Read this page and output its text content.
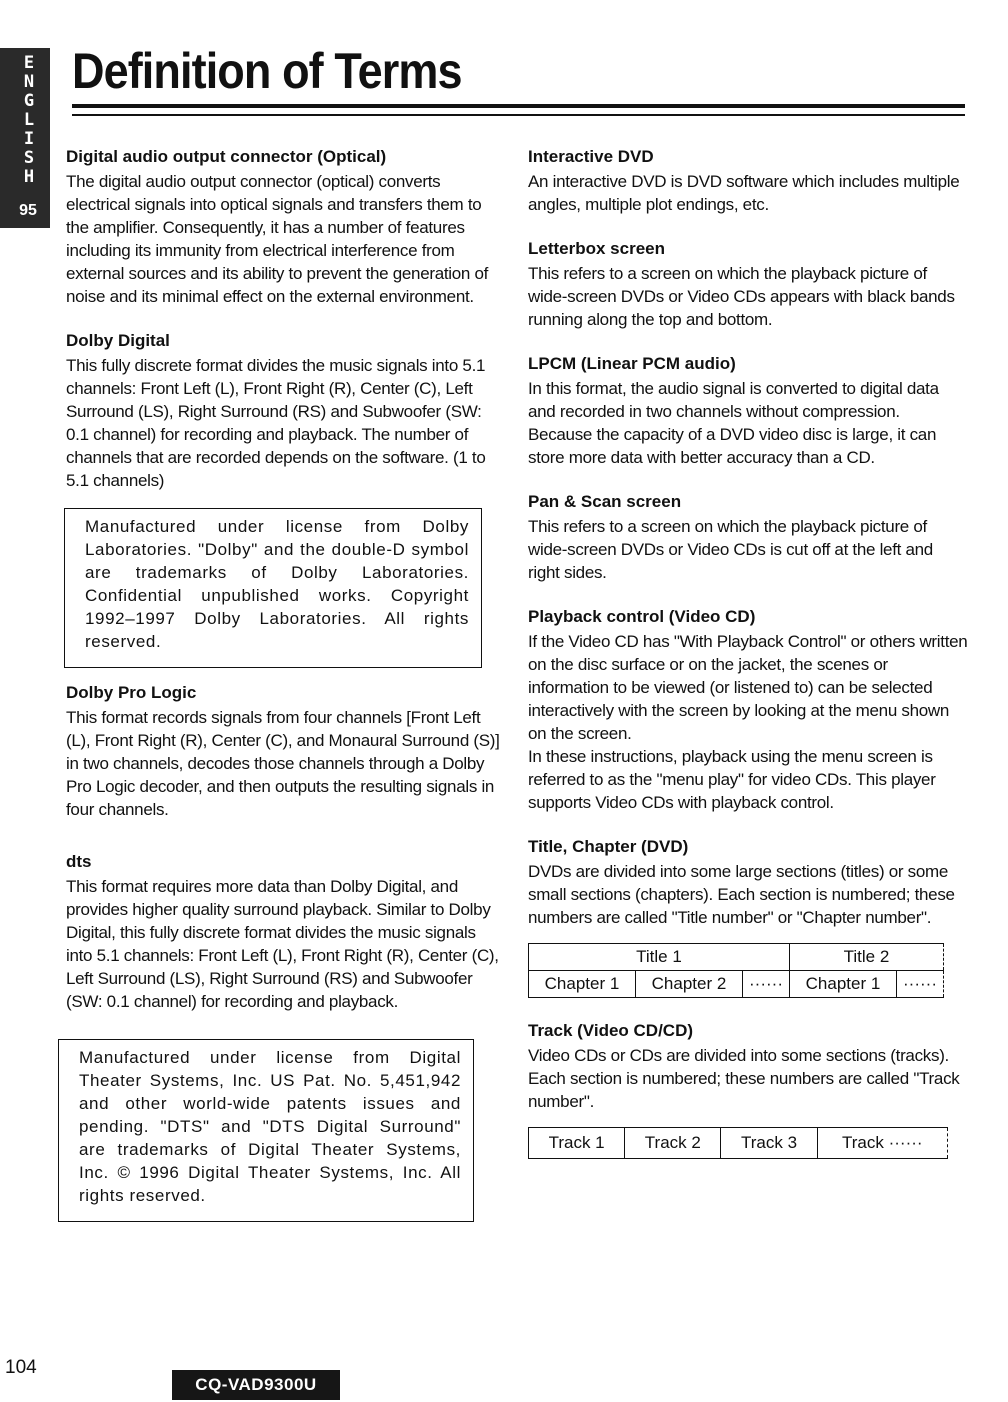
E
N
G
L
I
S
H
95
Definition of Terms
Digital audio output connector (Optical)

The digital audio output connector (optical) converts electrical signals into optical signals and transfers them to the amplifier. Consequently, it has a number of features including its immunity from electrical interference from external sources and its ability to prevent the generation of noise and its minimal effect on the external environment.

Dolby Digital

This fully discrete format divides the music signals into 5.1 channels: Front Left (L), Front Right (R), Center (C), Left Surround (LS), Right Surround (RS) and Subwoofer (SW: 0.1 channel) for recording and playback. The number of channels that are recorded depends on the software. (1 to 5.1 channels)

Manufactured under license from Dolby Laboratories. "Dolby" and the double-D symbol are trademarks of Dolby Laboratories. Confidential unpublished works. Copyright 1992–1997 Dolby Laboratories. All rights reserved.
Dolby Pro Logic

This format records signals from four channels [Front Left (L), Front Right (R), Center (C), and Monaural Surround (S)] in two channels, decodes those channels through a Dolby Pro Logic decoder, and then outputs the resulting signals in four channels.

dts

This format requires more data than Dolby Digital, and provides higher quality surround playback. Similar to Dolby Digital, this fully discrete format divides the music signals into 5.1 channels: Front Left (L), Front Right (R), Center (C), Left Surround (LS), Right Surround (RS) and Subwoofer (SW: 0.1 channel) for recording and playback.

Manufactured under license from Digital Theater Systems, Inc. US Pat. No. 5,451,942 and other world-wide patents issues and pending. "DTS" and "DTS Digital Surround" are trademarks of Digital Theater Systems, Inc. © 1996 Digital Theater Systems, Inc. All rights reserved.
Interactive DVD

An interactive DVD is DVD software which includes multiple angles, multiple plot endings, etc.

Letterbox screen

This refers to a screen on which the playback picture of wide-screen DVDs or Video CDs appears with black bands running along the top and bottom.

LPCM (Linear PCM audio)

In this format, the audio signal is converted to digital data and recorded in two channels without compression. Because the capacity of a DVD video disc is large, it can store more data with better accuracy than a CD.

Pan & Scan screen

This refers to a screen on which the playback picture of wide-screen DVDs or Video CDs is cut off at the left and right sides.

Playback control (Video CD)

If the Video CD has "With Playback Control" or others written on the disc surface or on the jacket, the scenes or information to be viewed (or listened to) can be selected interactively with the screen by looking at the menu shown on the screen.

In these instructions, playback using the menu screen is referred to as the "menu play" for video CDs. This player supports Video CDs with playback control.

Title, Chapter (DVD)

DVDs are divided into some large sections (titles) or some small sections (chapters). Each section is numbered; these numbers are called "Title number" or "Chapter number".

Title 1			Title 2	
Chapter 1	Chapter 2	······	Chapter 1	······
Track (Video CD/CD)

Video CDs or CDs are divided into some sections (tracks). Each section is numbered; these numbers are called "Track number".

Track 1	Track 2	Track 3	Track ······
104
CQ-VAD9300U
